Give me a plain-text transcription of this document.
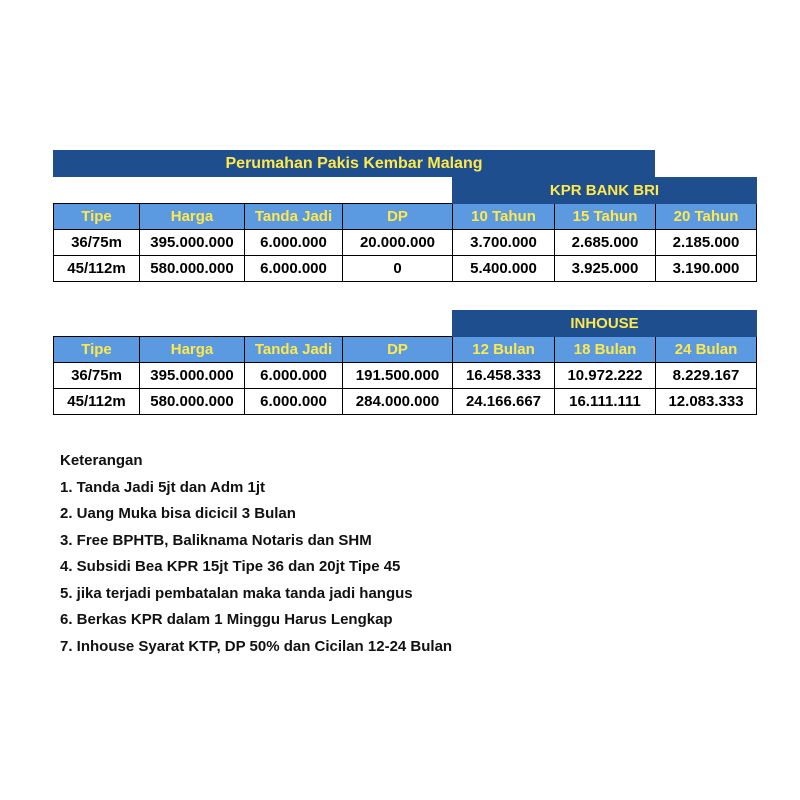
Perumahan Pakis Kembar Malang
				KPR BANK BRI		
Tipe	Harga	Tanda Jadi	DP	10 Tahun	15 Tahun	20 Tahun
36/75m	395.000.000	6.000.000	20.000.000	3.700.000	2.685.000	2.185.000
45/112m	580.000.000	6.000.000	0	5.400.000	3.925.000	3.190.000
				INHOUSE		
Tipe	Harga	Tanda Jadi	DP	12 Bulan	18 Bulan	24 Bulan
36/75m	395.000.000	6.000.000	191.500.000	16.458.333	10.972.222	8.229.167
45/112m	580.000.000	6.000.000	284.000.000	24.166.667	16.111.111	12.083.333
Keterangan
1. Tanda Jadi 5jt dan Adm 1jt
2. Uang Muka bisa dicicil 3 Bulan
3. Free BPHTB, Baliknama Notaris dan SHM
4. Subsidi Bea KPR 15jt Tipe 36 dan 20jt Tipe 45
5. jika terjadi pembatalan maka tanda jadi hangus
6. Berkas KPR dalam 1 Minggu Harus Lengkap
7. Inhouse Syarat KTP, DP 50% dan Cicilan 12-24 Bulan
